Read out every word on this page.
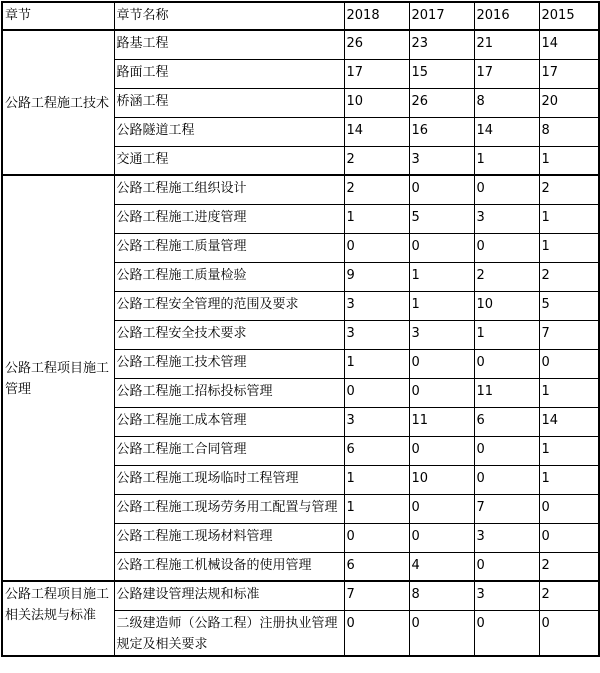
章节	章节名称	2018	2017	2016	2015
公路工程施工技术	路基工程	26	23	21	14
	路面工程	17	15	17	17
	桥涵工程	10	26	8	20
	公路隧道工程	14	16	14	8
	交通工程	2	3	1	1
公路工程项目施工管理	公路工程施工组织设计	2	0	0	2
	公路工程施工进度管理	1	5	3	1
	公路工程施工质量管理	0	0	0	1
	公路工程施工质量检验	9	1	2	2
	公路工程安全管理的范围及要求	3	1	10	5
	公路工程安全技术要求	3	3	1	7
	公路工程施工技术管理	1	0	0	0
	公路工程施工招标投标管理	0	0	11	1
	公路工程施工成本管理	3	11	6	14
	公路工程施工合同管理	6	0	0	1
	公路工程施工现场临时工程管理	1	10	0	1
	公路工程施工现场劳务用工配置与管理	1	0	7	0
	公路工程施工现场材料管理	0	0	3	0
	公路工程施工机械设备的使用管理	6	4	0	2
公路工程项目施工相关法规与标准	公路建设管理法规和标准	7	8	3	2
	二级建造师（公路工程）注册执业管理规定及相关要求	0	0	0	0
